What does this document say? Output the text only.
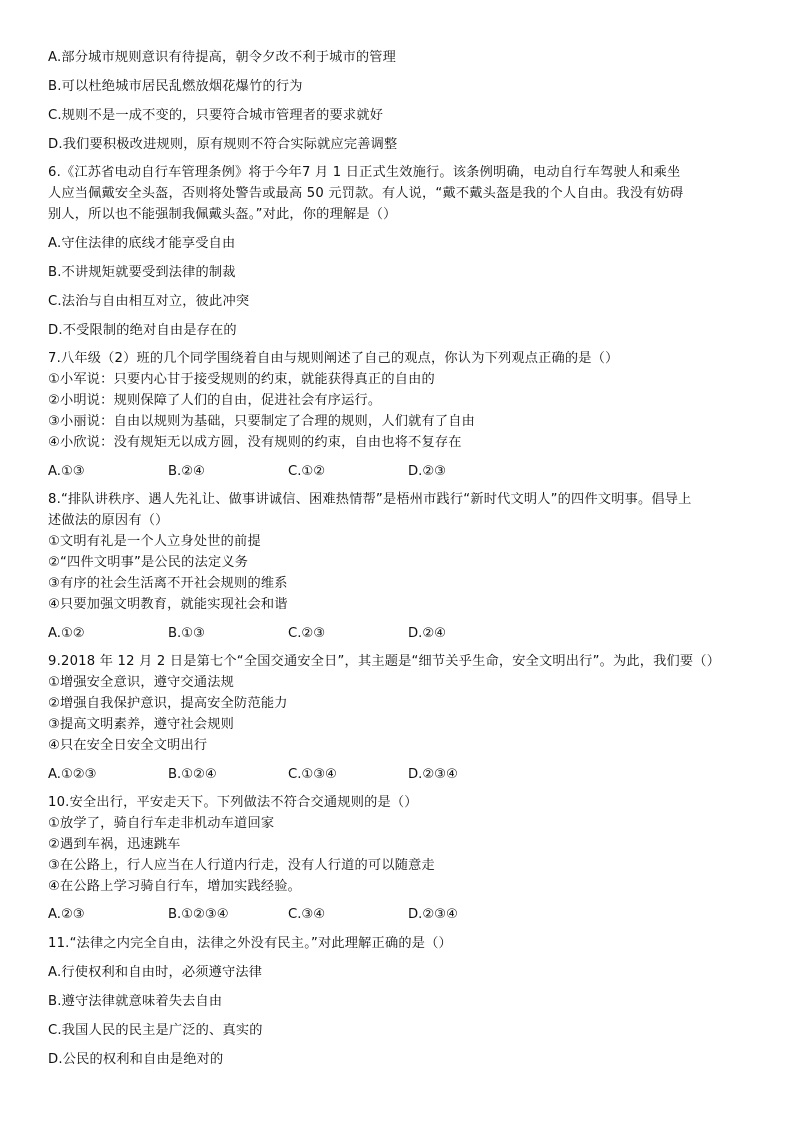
A.部分城市规则意识有待提高，朝令夕改不利于城市的管理
B.可以杜绝城市居民乱燃放烟花爆竹的行为
C.规则不是一成不变的，只要符合城市管理者的要求就好
D.我们要积极改进规则，原有规则不符合实际就应完善调整
6.《江苏省电动自行车管理条例》将于今年7 月 1 日正式生效施行。该条例明确，电动自行车驾驶人和乘坐
人应当佩戴安全头盔，否则将处警告或最高 50 元罚款。有人说，“戴不戴头盔是我的个人自由。我没有妨碍
别人，所以也不能强制我佩戴头盔。”对此，你的理解是（）
A.守住法律的底线才能享受自由
B.不讲规矩就要受到法律的制裁
C.法治与自由相互对立，彼此冲突
D.不受限制的绝对自由是存在的
7.八年级（2）班的几个同学围绕着自由与规则阐述了自己的观点，你认为下列观点正确的是（）
①小军说：只要内心甘于接受规则的约束，就能获得真正的自由的
②小明说：规则保障了人们的自由，促进社会有序运行。
③小丽说：自由以规则为基础，只要制定了合理的规则，人们就有了自由
④小欣说：没有规矩无以成方圆，没有规则的约束，自由也将不复存在
A.①③	B.②④	C.①②	D.②③
8.“排队讲秩序、遇人先礼让、做事讲诚信、困难热情帮”是梧州市践行“新时代文明人”的四件文明事。倡导上
述做法的原因有（）
①文明有礼是一个人立身处世的前提
②“四件文明事”是公民的法定义务
③有序的社会生活离不开社会规则的维系
④只要加强文明教育，就能实现社会和谐
A.①②	B.①③	C.②③	D.②④
9.2018 年 12 月 2 日是第七个“全国交通安全日”，其主题是“细节关乎生命，安全文明出行”。为此，我们要（）
①增强安全意识，遵守交通法规
②增强自我保护意识，提高安全防范能力
③提高文明素养，遵守社会规则
④只在安全日安全文明出行
A.①②③	B.①②④	C.①③④	D.②③④
10.安全出行，平安走天下。下列做法不符合交通规则的是（）
①放学了，骑自行车走非机动车道回家
②遇到车祸，迅速跳车
③在公路上，行人应当在人行道内行走，没有人行道的可以随意走
④在公路上学习骑自行车，增加实践经验。
A.②③	B.①②③④	C.③④	D.②③④
11.“法律之内完全自由，法律之外没有民主。”对此理解正确的是（）
A.行使权利和自由时，必须遵守法律
B.遵守法律就意味着失去自由
C.我国人民的民主是广泛的、真实的
D.公民的权利和自由是绝对的
